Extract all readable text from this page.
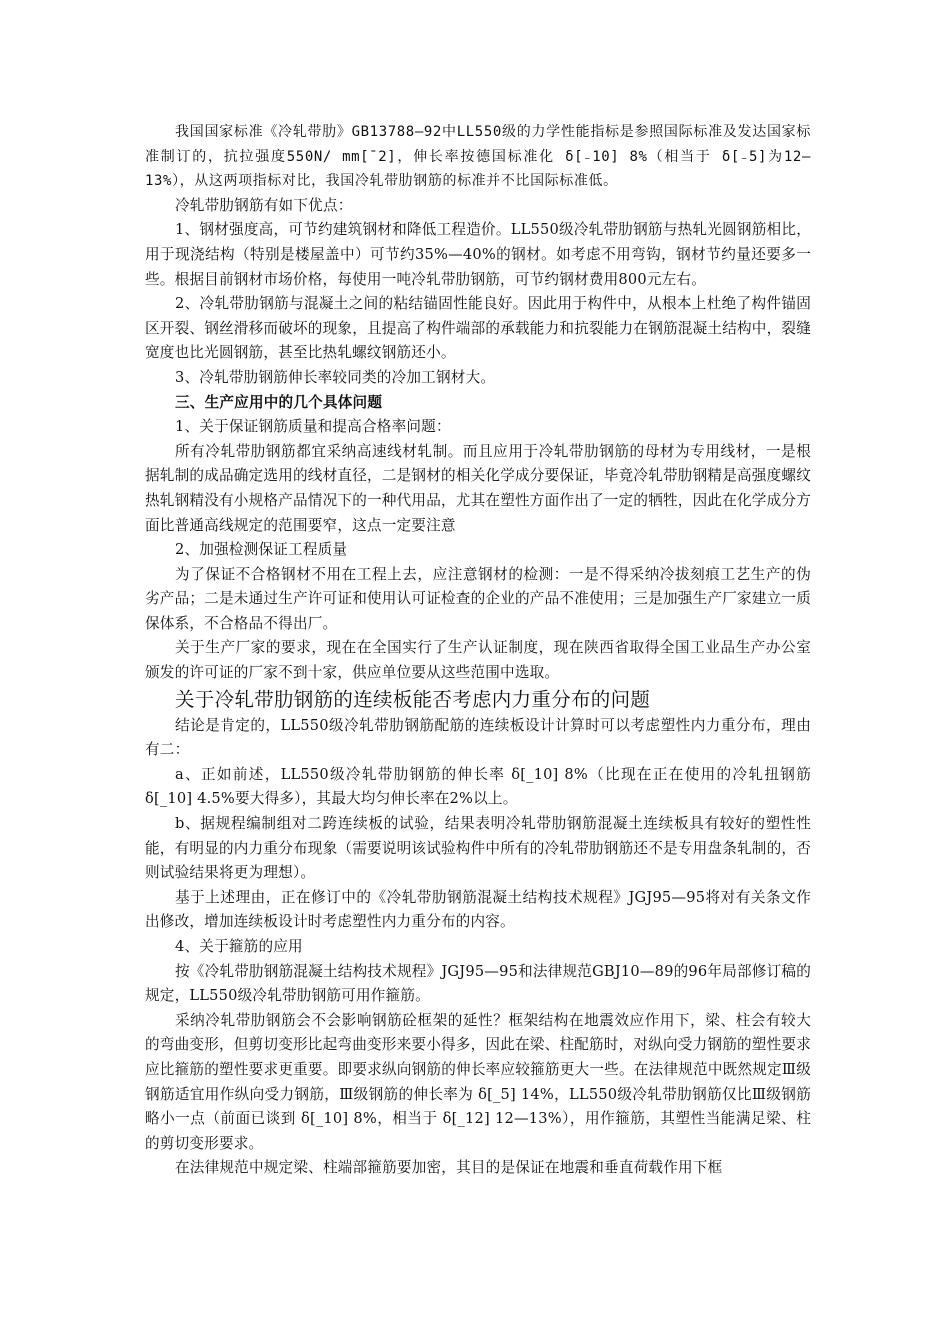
我国国家标准《冷轧带肋》GB13788—92中LL550级的力学性能指标是参照国际标准及发达国家标准制订的，抗拉强度550N/ mm[¯2]，伸长率按德国标准化 δ[₋10] 8%（相当于 δ[₋5]为12—13%），从这两项指标对比，我国冷轧带肋钢筋的标准并不比国际标准低。

冷轧带肋钢筋有如下优点：

1、钢材强度高，可节约建筑钢材和降低工程造价。LL550级冷轧带肋钢筋与热轧光圆钢筋相比，用于现浇结构（特别是楼屋盖中）可节约35%—40%的钢材。如考虑不用弯钩，钢材节约量还要多一些。根据目前钢材市场价格，每使用一吨冷轧带肋钢筋，可节约钢材费用800元左右。

2、冷轧带肋钢筋与混凝土之间的粘结锚固性能良好。因此用于构件中，从根本上杜绝了构件锚固区开裂、钢丝滑移而破坏的现象，且提高了构件端部的承载能力和抗裂能力在钢筋混凝土结构中，裂缝宽度也比光圆钢筋，甚至比热轧螺纹钢筋还小。

3、冷轧带肋钢筋伸长率较同类的冷加工钢材大。

三、生产应用中的几个具体问题

1、关于保证钢筋质量和提高合格率问题：

所有冷轧带肋钢筋都宜采纳高速线材轧制。而且应用于冷轧带肋钢筋的母材为专用线材，一是根据轧制的成品确定选用的线材直径，二是钢材的相关化学成分要保证，毕竟冷轧带肋钢精是高强度螺纹热轧钢精没有小规格产品情况下的一种代用品，尤其在塑性方面作出了一定的牺牲，因此在化学成分方面比普通高线规定的范围要窄，这点一定要注意

2、加强检测保证工程质量

为了保证不合格钢材不用在工程上去，应注意钢材的检测：一是不得采纳冷拔刻痕工艺生产的伪劣产品；二是未通过生产许可证和使用认可证检查的企业的产品不准使用；三是加强生产厂家建立一质保体系，不合格品不得出厂。

关于生产厂家的要求，现在在全国实行了生产认证制度，现在陕西省取得全国工业品生产办公室颁发的许可证的厂家不到十家，供应单位要从这些范围中选取。

关于冷轧带肋钢筋的连续板能否考虑内力重分布的问题

结论是肯定的，LL550级冷轧带肋钢筋配筋的连续板设计计算时可以考虑塑性内力重分布，理由有二：

a、正如前述，LL550级冷轧带肋钢筋的伸长率 δ[_10] 8%（比现在正在使用的冷轧扭钢筋 δ[_10] 4.5%要大得多），其最大均匀伸长率在2%以上。

b、据规程编制组对二跨连续板的试验，结果表明冷轧带肋钢筋混凝土连续板具有较好的塑性性能，有明显的内力重分布现象（需要说明该试验构件中所有的冷轧带肋钢筋还不是专用盘条轧制的，否则试验结果将更为理想）。

基于上述理由，正在修订中的《冷轧带肋钢筋混凝土结构技术规程》JGJ95—95将对有关条文作出修改，增加连续板设计时考虑塑性内力重分布的内容。

4、关于箍筋的应用

按《冷轧带肋钢筋混凝土结构技术规程》JGJ95—95和法律规范GBJ10—89的96年局部修订稿的规定，LL550级冷轧带肋钢筋可用作箍筋。

采纳冷轧带肋钢筋会不会影响钢筋砼框架的延性？框架结构在地震效应作用下，梁、柱会有较大的弯曲变形，但剪切变形比起弯曲变形来要小得多，因此在梁、柱配筋时，对纵向受力钢筋的塑性要求应比箍筋的塑性要求更重要。即要求纵向钢筋的伸长率应较箍筋更大一些。在法律规范中既然规定Ⅲ级钢筋适宜用作纵向受力钢筋，Ⅲ级钢筋的伸长率为 δ[_5] 14%，LL550级冷轧带肋钢筋仅比Ⅲ级钢筋略小一点（前面已谈到 δ[_10] 8%，相当于 δ[_12] 12—13%），用作箍筋，其塑性当能满足梁、柱的剪切变形要求。

在法律规范中规定梁、柱端部箍筋要加密，其目的是保证在地震和垂直荷载作用下框
